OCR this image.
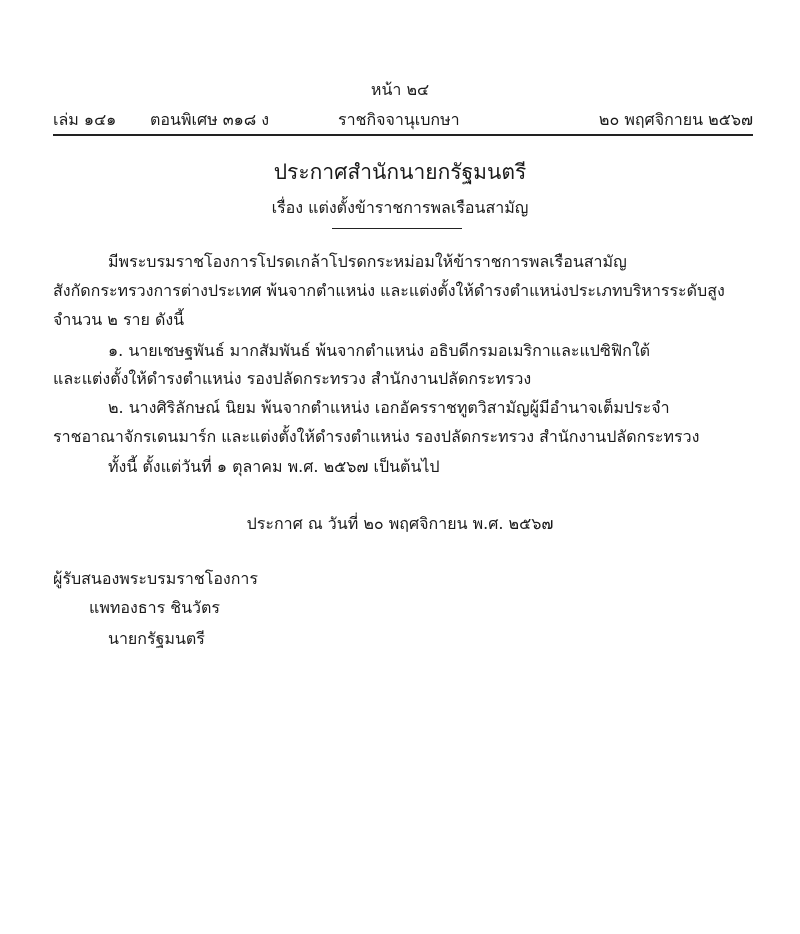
หน้า ๒๔
เล่ม ๑๔๑ ตอนพิเศษ ๓๑๘ ง	ราชกิจจานุเบกษา	๒๐ พฤศจิกายน ๒๕๖๗
ประกาศสำนักนายกรัฐมนตรี
เรื่อง แต่งตั้งข้าราชการพลเรือนสามัญ
มีพระบรมราชโองการโปรดเกล้าโปรดกระหม่อมให้ข้าราชการพลเรือนสามัญ
สังกัดกระทรวงการต่างประเทศ พ้นจากตำแหน่ง และแต่งตั้งให้ดำรงตำแหน่งประเภทบริหารระดับสูง
จำนวน ๒ ราย ดังนี้
๑. นายเชษฐพันธ์ มากสัมพันธ์ พ้นจากตำแหน่ง อธิบดีกรมอเมริกาและแปซิฟิกใต้
และแต่งตั้งให้ดำรงตำแหน่ง รองปลัดกระทรวง สำนักงานปลัดกระทรวง
๒. นางศิริลักษณ์ นิยม พ้นจากตำแหน่ง เอกอัครราชทูตวิสามัญผู้มีอำนาจเต็มประจำ
ราชอาณาจักรเดนมาร์ก และแต่งตั้งให้ดำรงตำแหน่ง รองปลัดกระทรวง สำนักงานปลัดกระทรวง
ทั้งนี้ ตั้งแต่วันที่ ๑ ตุลาคม พ.ศ. ๒๕๖๗ เป็นต้นไป
ประกาศ ณ วันที่ ๒๐ พฤศจิกายน พ.ศ. ๒๕๖๗
ผู้รับสนองพระบรมราชโองการ
แพทองธาร ชินวัตร
นายกรัฐมนตรี
